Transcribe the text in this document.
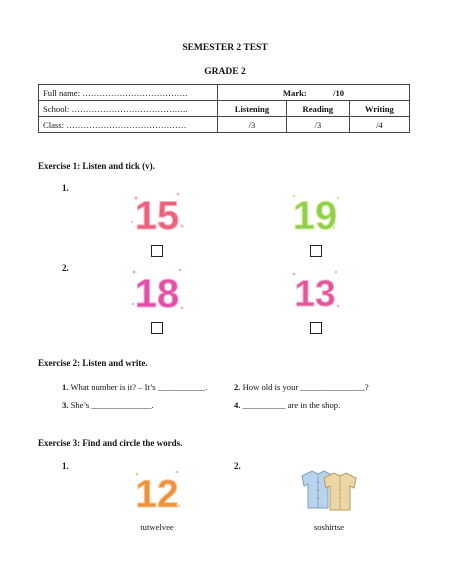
SEMESTER 2 TEST
GRADE 2
Full name: ……………………………….	Mark: /10		
School: …………………………………..	Listening	Reading	Writing
Class: ……………………………………	/3	/3	/4
Exercise 1: Listen and tick (v).
1.
2.
15	19
18	13
Exercise 2: Listen and write.
1. What number is it? – It’s ___________.	2. How old is your _______________?
3. She’s ______________.	4. __________ are in the shop.
Exercise 3: Find and circle the words.
1.	2.
12
tutwelvee	soshirtse
